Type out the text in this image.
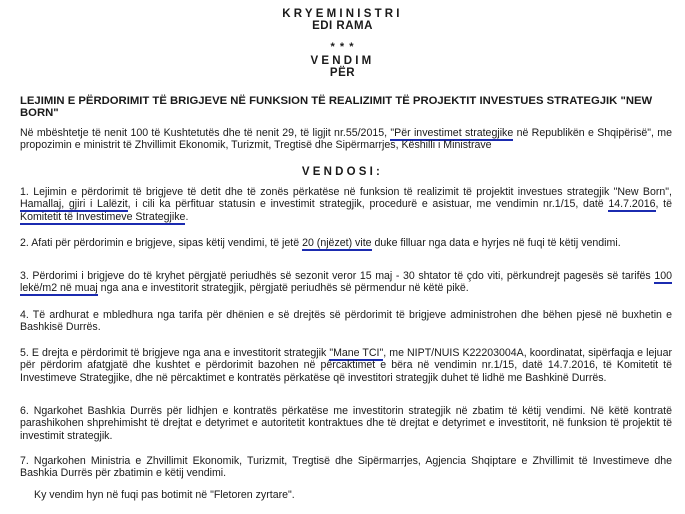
KRYEMINISTRI
EDI RAMA
* * *
VENDIM
PËR
LEJIMIN E PËRDORIMIT TË BRIGJEVE NË FUNKSION TË REALIZIMIT TË PROJEKTIT INVESTUES STRATEGJIK "NEW BORN"
Në mbështetje të nenit 100 të Kushtetutës dhe të nenit 29, të ligjit nr.55/2015, "Për investimet strategjike në Republikën e Shqipërisë", me propozimin e ministrit të Zhvillimit Ekonomik, Turizmit, Tregtisë dhe Sipërmarrjes, Këshilli i Ministrave
VENDOSI:
1. Lejimin e përdorimit të brigjeve të detit dhe të zonës përkatëse në funksion të realizimit të projektit investues strategjik "New Born", Hamallaj, gjiri i Lalëzit, i cili ka përfituar statusin e investimit strategjik, procedurë e asistuar, me vendimin nr.1/15, datë 14.7.2016, të Komitetit të Investimeve Strategjike.
2. Afati për përdorimin e brigjeve, sipas këtij vendimi, të jetë 20 (njëzet) vite duke filluar nga data e hyrjes në fuqi të këtij vendimi.
3. Përdorimi i brigjeve do të kryhet përgjatë periudhës së sezonit veror 15 maj - 30 shtator të çdo viti, përkundrejt pagesës së tarifës 100 lekë/m2 në muaj nga ana e investitorit strategjik, përgjatë periudhës së përmendur në këtë pikë.
4. Të ardhurat e mbledhura nga tarifa për dhënien e së drejtës së përdorimit të brigjeve administrohen dhe bëhen pjesë në buxhetin e Bashkisë Durrës.
5. E drejta e përdorimit të brigjeve nga ana e investitorit strategjik "Mane TCI", me NIPT/NUIS K22203004A, koordinatat, sipërfaqja e lejuar për përdorim afatgjatë dhe kushtet e përdorimit bazohen në përcaktimet e bëra në vendimin nr.1/15, datë 14.7.2016, të Komitetit të Investimeve Strategjike, dhe në përcaktimet e kontratës përkatëse që investitori strategjik duhet të lidhë me Bashkinë Durrës.
6. Ngarkohet Bashkia Durrës për lidhjen e kontratës përkatëse me investitorin strategjik në zbatim të këtij vendimi. Në këtë kontratë parashikohen shprehimisht të drejtat e detyrimet e autoritetit kontraktues dhe të drejtat e detyrimet e investitorit, në funksion të projektit të investimit strategjik.
7. Ngarkohen Ministria e Zhvillimit Ekonomik, Turizmit, Tregtisë dhe Sipërmarrjes, Agjencia Shqiptare e Zhvillimit të Investimeve dhe Bashkia Durrës për zbatimin e këtij vendimi.
Ky vendim hyn në fuqi pas botimit në "Fletoren zyrtare".
